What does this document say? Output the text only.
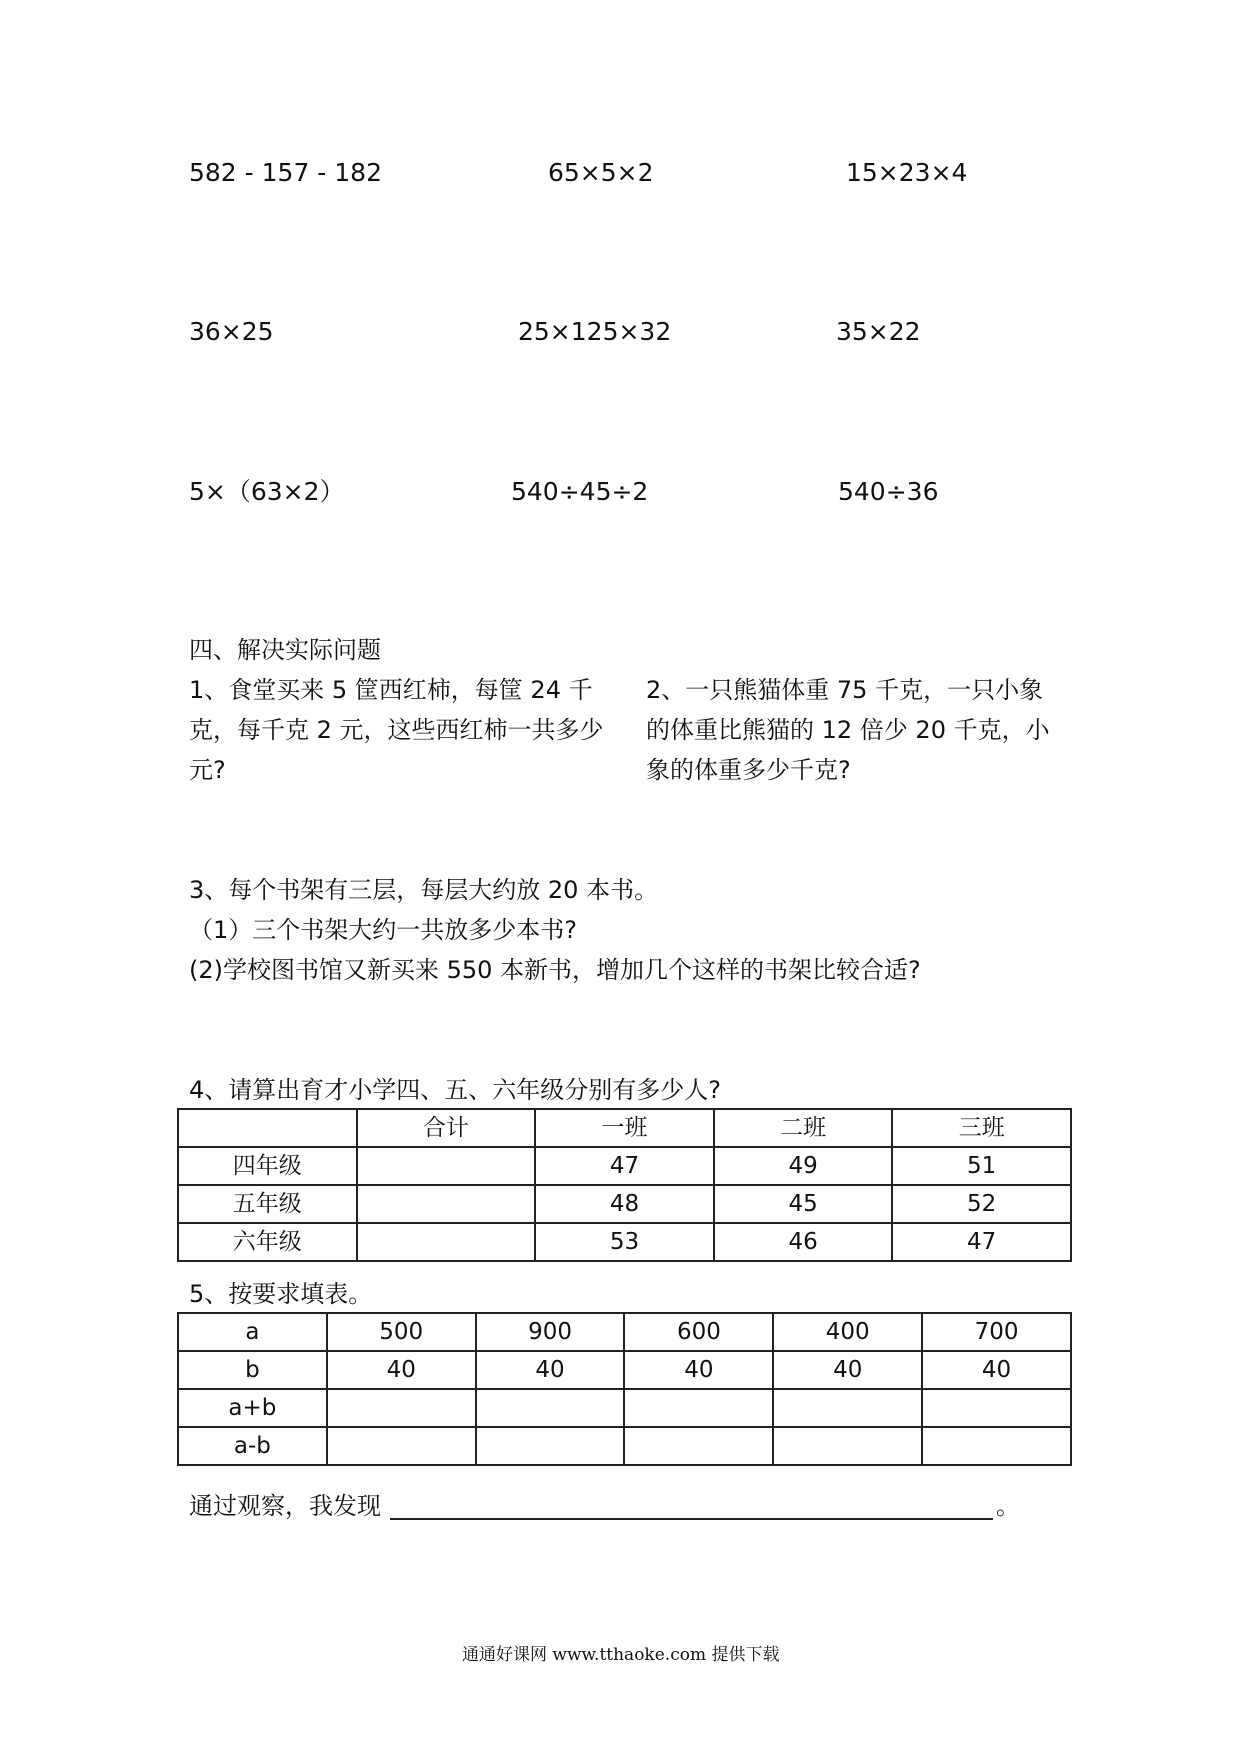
582 - 157 - 182	65×5×2	15×23×4
36×25	25×125×32	35×22
5×（63×2）	540÷45÷2	540÷36
四、解决实际问题
1、食堂买来 5 筐西红柿，每筐 24 千克，每千克 2 元，这些西红柿一共多少元?
2、一只熊猫体重 75 千克，一只小象的体重比熊猫的 12 倍少 20 千克，小象的体重多少千克?
3、每个书架有三层，每层大约放 20 本书。
（1）三个书架大约一共放多少本书?
(2)学校图书馆又新买来 550 本新书，增加几个这样的书架比较合适?
4、请算出育才小学四、五、六年级分别有多少人?
	合计	一班	二班	三班
四年级		47	49	51
五年级		48	45	52
六年级		53	46	47
5、按要求填表。
a	500	900	600	400	700
b	40	40	40	40	40
a+b					
a-b					
通过观察，我发现	。
通通好课网 www.tthaoke.com 提供下载
